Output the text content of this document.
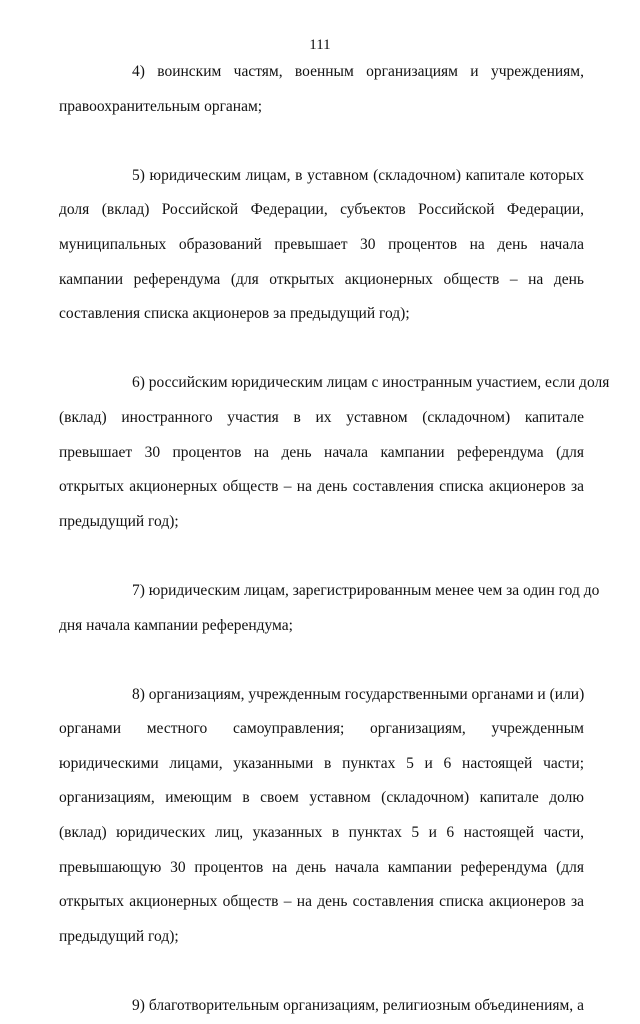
111
4) воинским частям, военным организациям и учреждениям,
правоохранительным органам;
5) юридическим лицам, в уставном (складочном) капитале которых
доля (вклад) Российской Федерации, субъектов Российской Федерации,
муниципальных образований превышает 30 процентов на день начала
кампании референдума (для открытых акционерных обществ – на день
составления списка акционеров за предыдущий год);
6) российским юридическим лицам с иностранным участием, если доля
(вклад) иностранного участия в их уставном (складочном) капитале
превышает 30 процентов на день начала кампании референдума (для
открытых акционерных обществ – на день составления списка акционеров за
предыдущий год);
7) юридическим лицам, зарегистрированным менее чем за один год до
дня начала кампании референдума;
8) организациям, учрежденным государственными органами и (или)
органами местного самоуправления; организациям, учрежденным
юридическими лицами, указанными в пунктах 5 и 6 настоящей части;
организациям, имеющим в своем уставном (складочном) капитале долю
(вклад) юридических лиц, указанных в пунктах 5 и 6 настоящей части,
превышающую 30 процентов на день начала кампании референдума (для
открытых акционерных обществ – на день составления списка акционеров за
предыдущий год);
9) благотворительным организациям, религиозным объединениям, а
